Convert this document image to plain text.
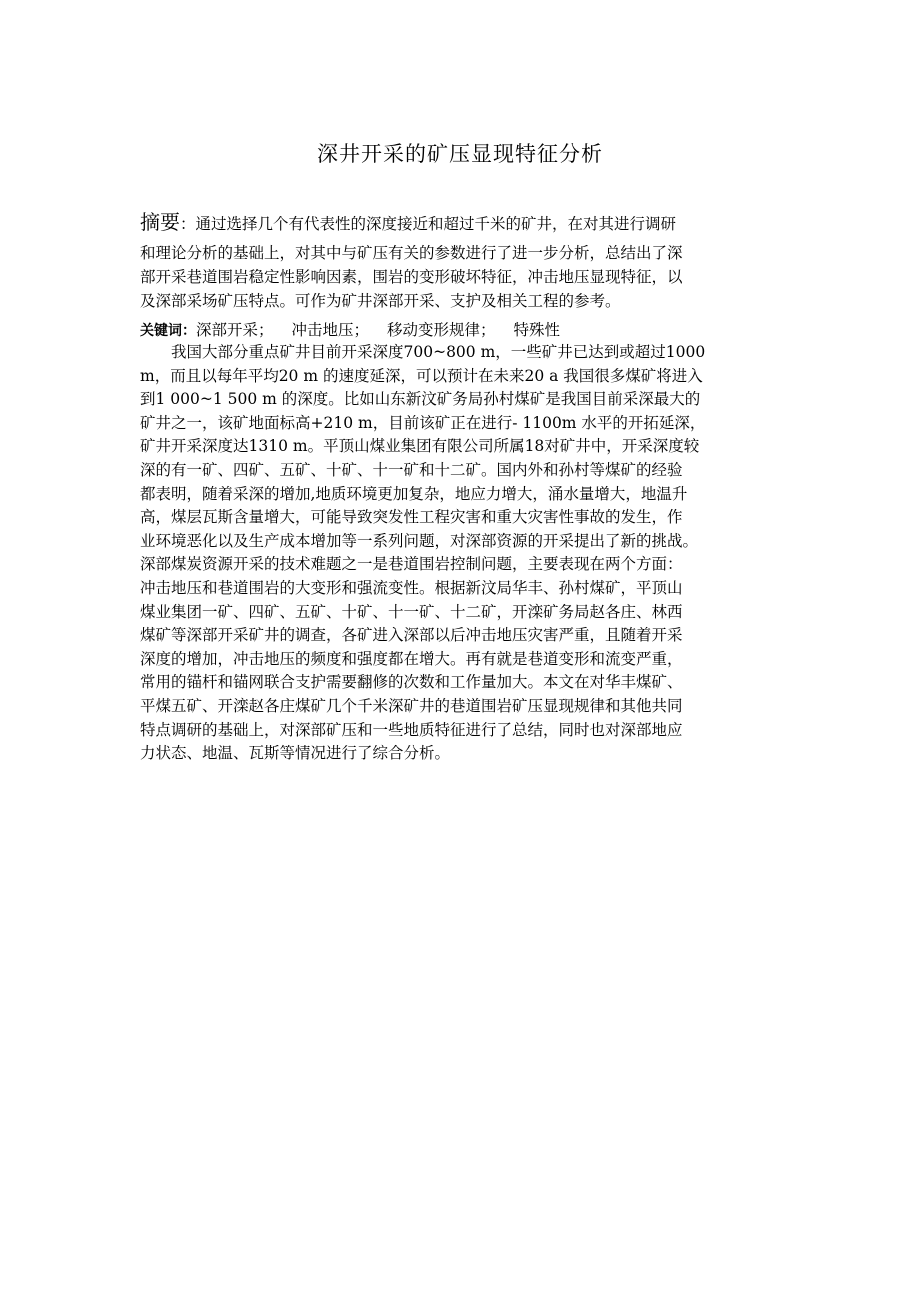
深井开采的矿压显现特征分析
摘要：通过选择几个有代表性的深度接近和超过千米的矿井，在对其进行调研
和理论分析的基础上，对其中与矿压有关的参数进行了进一步分析，总结出了深
部开采巷道围岩稳定性影响因素，围岩的变形破坏特征，冲击地压显现特征，以
及深部采场矿压特点。可作为矿井深部开采、支护及相关工程的参考。
关键词：深部开采； 冲击地压； 移动变形规律； 特殊性
　　我国大部分重点矿井目前开采深度700~800 m，一些矿井已达到或超过1000
m，而且以每年平均20 m 的速度延深，可以预计在未来20 a 我国很多煤矿将进入
到1 000~1 500 m 的深度。比如山东新汶矿务局孙村煤矿是我国目前采深最大的
矿井之一，该矿地面标高+210 m，目前该矿正在进行- 1100m 水平的开拓延深，
矿井开采深度达1310 m。平顶山煤业集团有限公司所属18对矿井中，开采深度较
深的有一矿、四矿、五矿、十矿、十一矿和十二矿。国内外和孙村等煤矿的经验
都表明，随着采深的增加,地质环境更加复杂，地应力增大，涌水量增大，地温升
高，煤层瓦斯含量增大，可能导致突发性工程灾害和重大灾害性事故的发生，作
业环境恶化以及生产成本增加等一系列问题，对深部资源的开采提出了新的挑战。
深部煤炭资源开采的技术难题之一是巷道围岩控制问题，主要表现在两个方面：
冲击地压和巷道围岩的大变形和强流变性。根据新汶局华丰、孙村煤矿，平顶山
煤业集团一矿、四矿、五矿、十矿、十一矿、十二矿，开滦矿务局赵各庄、林西
煤矿等深部开采矿井的调查，各矿进入深部以后冲击地压灾害严重，且随着开采
深度的增加，冲击地压的频度和强度都在增大。再有就是巷道变形和流变严重，
常用的锚杆和锚网联合支护需要翻修的次数和工作量加大。本文在对华丰煤矿、
平煤五矿、开滦赵各庄煤矿几个千米深矿井的巷道围岩矿压显现规律和其他共同
特点调研的基础上，对深部矿压和一些地质特征进行了总结，同时也对深部地应
力状态、地温、瓦斯等情况进行了综合分析。
